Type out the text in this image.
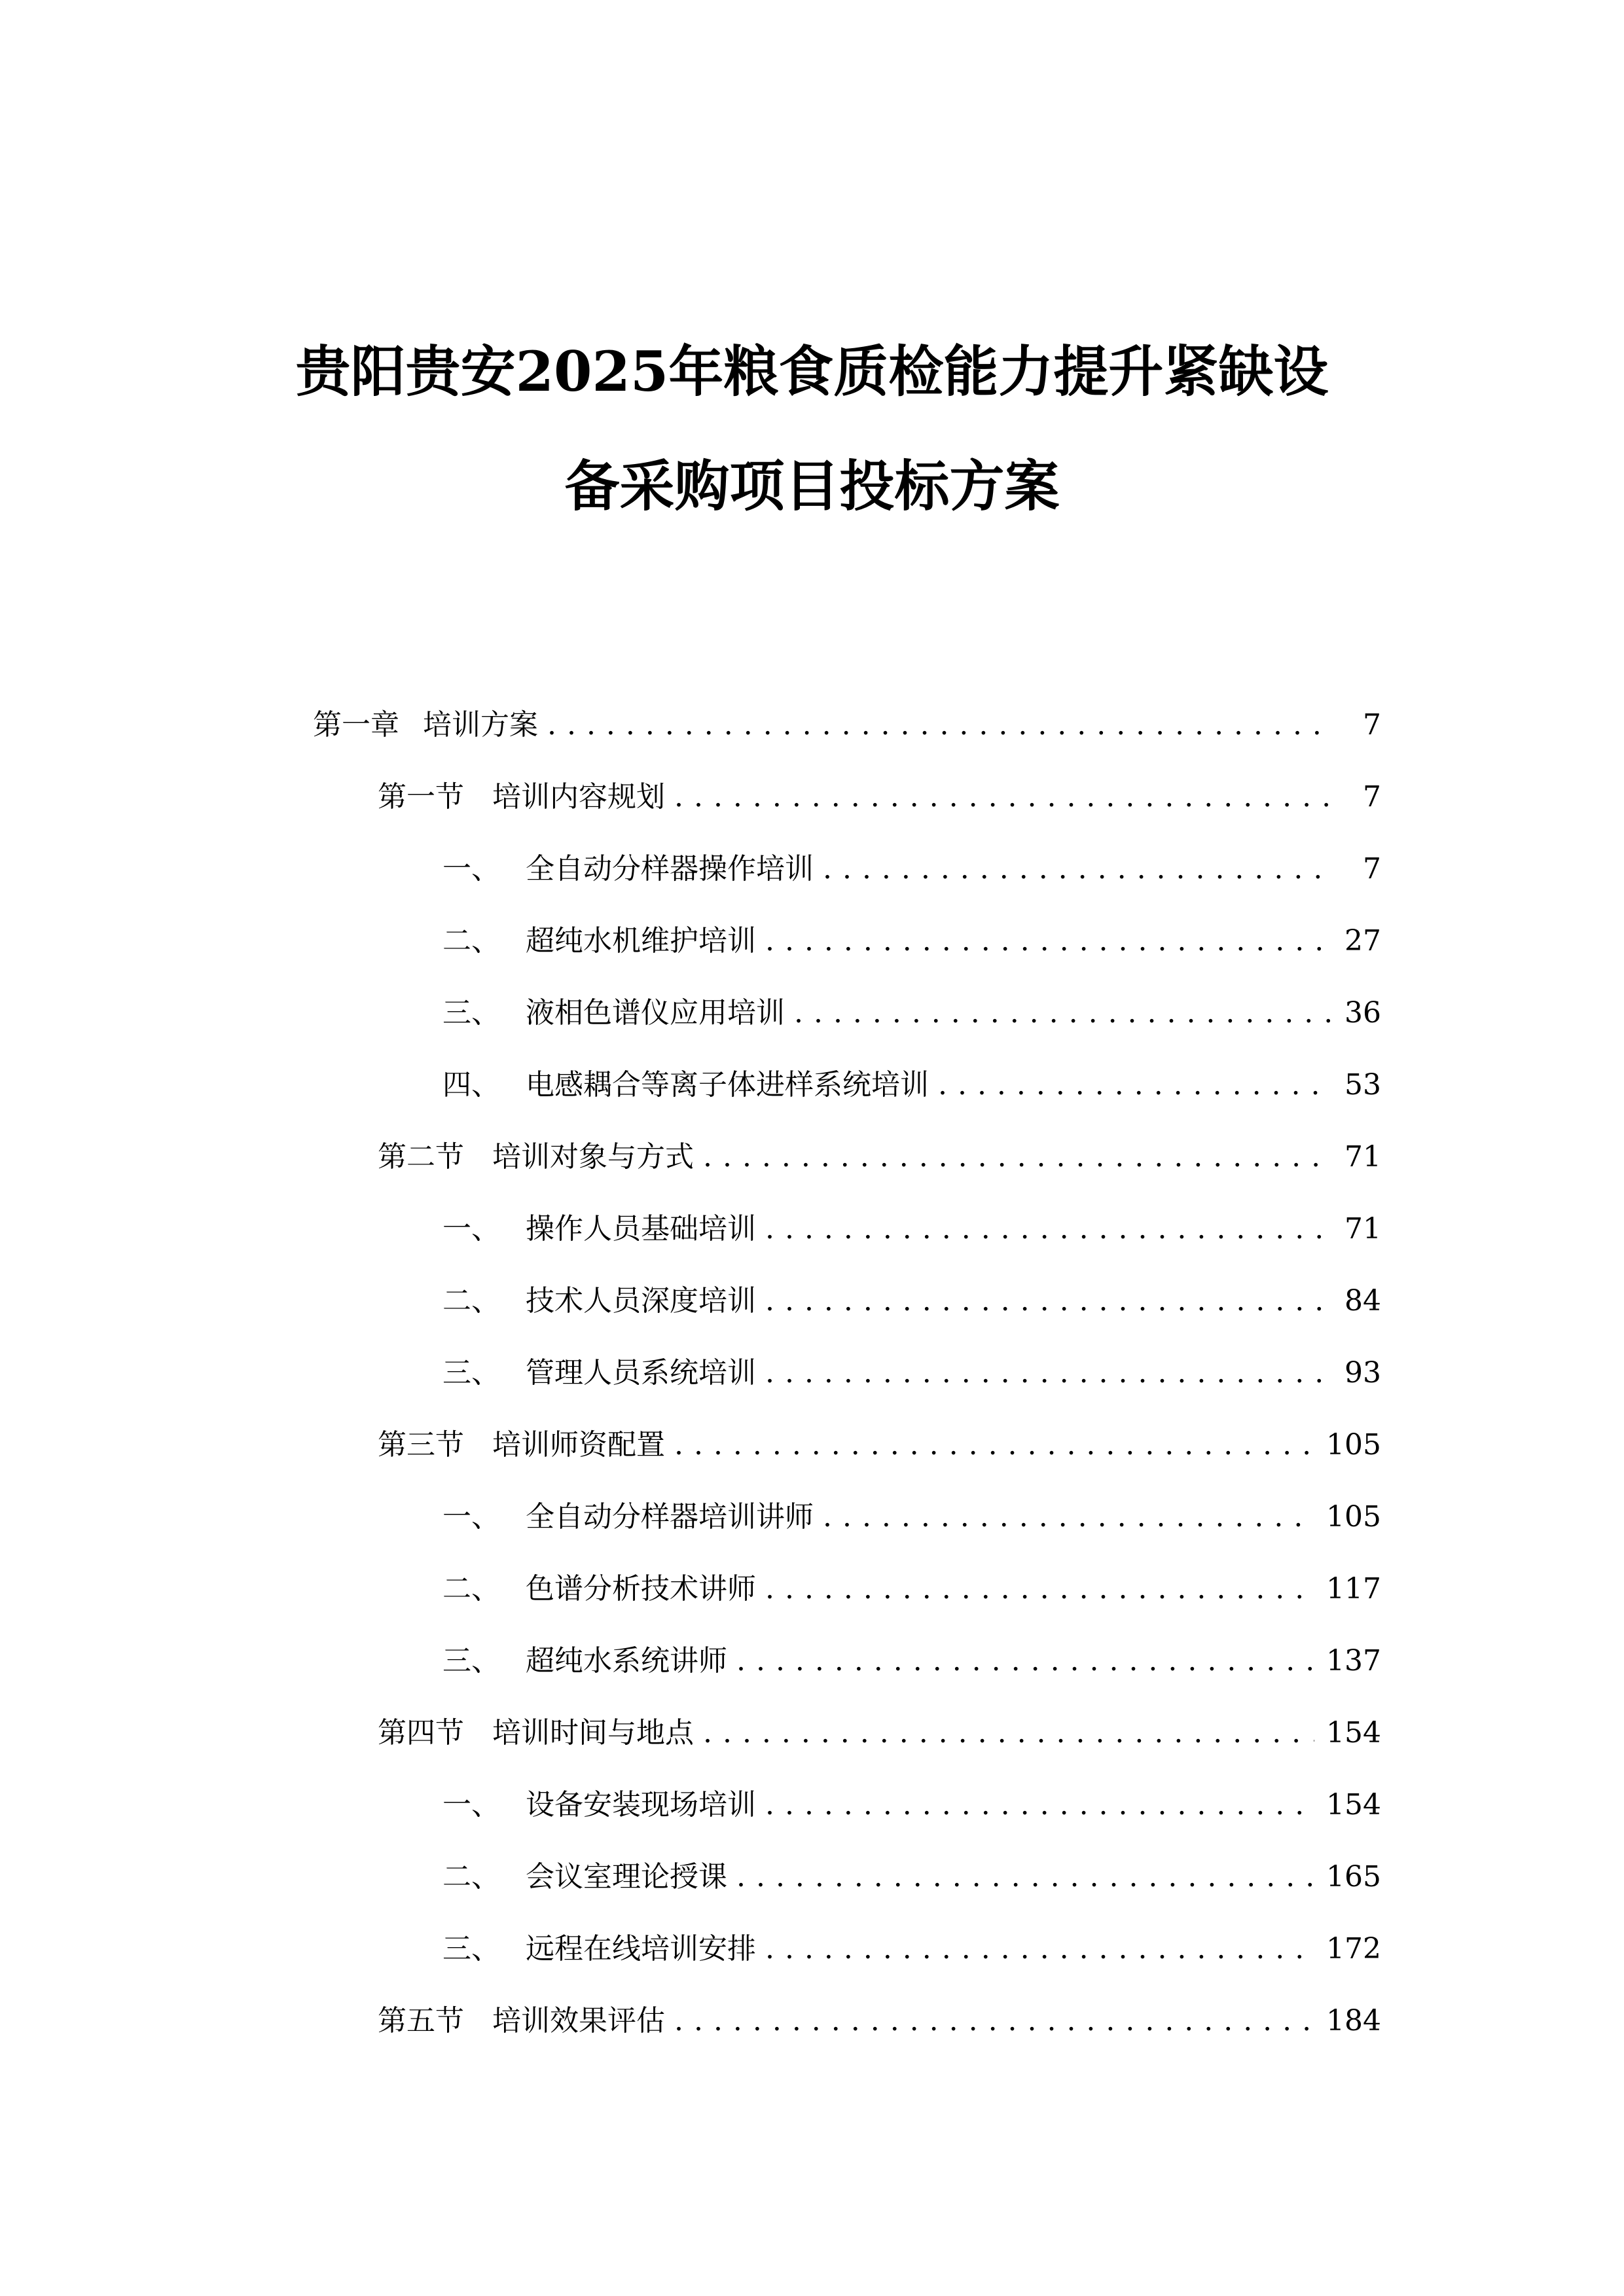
贵阳贵安2025年粮食质检能力提升紧缺设
备采购项目投标方案
第一章 培训方案 . . .	7
第一节 培训内容规划 . . .	7
一、 全自动分样器操作培训 . . .	7
二、 超纯水机维护培训 . . .	27
三、 液相色谱仪应用培训 . . .	36
四、 电感耦合等离子体进样系统培训 . . .	53
第二节 培训对象与方式 . . .	71
一、 操作人员基础培训 . . .	71
二、 技术人员深度培训 . . .	84
三、 管理人员系统培训 . . .	93
第三节 培训师资配置 . . .	105
一、 全自动分样器培训讲师 . . .	105
二、 色谱分析技术讲师 . . .	117
三、 超纯水系统讲师 . . .	137
第四节 培训时间与地点 . . .	154
一、 设备安装现场培训 . . .	154
二、 会议室理论授课 . . .	165
三、 远程在线培训安排 . . .	172
第五节 培训效果评估 . . .	184
